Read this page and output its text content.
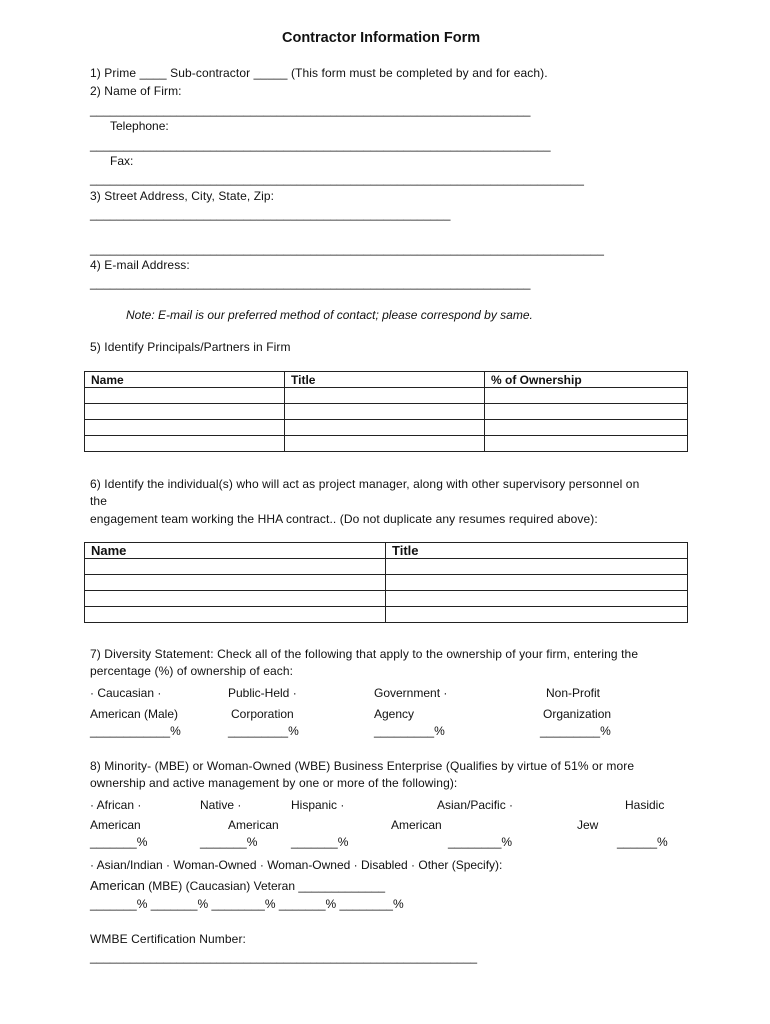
Contractor Information Form
1) Prime ____ Sub-contractor _____ (This form must be completed by and for each).
2) Name of Firm:
__________________________________________________________________
Telephone:
_____________________________________________________________________
Fax:
__________________________________________________________________________
3) Street Address, City, State, Zip:
______________________________________________________
_____________________________________________________________________________
4) E-mail Address:
__________________________________________________________________
Note: E-mail is our preferred method of contact; please correspond by same.
5) Identify Principals/Partners in Firm
Name	Title	% of Ownership

6) Identify the individual(s) who will act as project manager, along with other supervisory personnel on
the
engagement team working the HHA contract.. (Do not duplicate any resumes required above):
Name	Title

7) Diversity Statement: Check all of the following that apply to the ownership of your firm, entering the
percentage (%) of ownership of each:
· Caucasian ·
American (Male)
____________%
Public-Held ·
Corporation
_________%
Government ·
Agency
_________%
Non-Profit
Organization
_________%
8) Minority- (MBE) or Woman-Owned (WBE) Business Enterprise (Qualifies by virtue of 51% or more
ownership and active management by one or more of the following):
· African ·
American
_______%
Native ·
American
_______%
Hispanic ·
_______%
Asian/Pacific ·
American
________%
Hasidic
Jew
______%
· Asian/Indian · Woman-Owned · Woman-Owned · Disabled · Other (Specify):
American (MBE) (Caucasian) Veteran _____________
_______% _______% ________% _______% ________%
WMBE Certification Number:
__________________________________________________________
